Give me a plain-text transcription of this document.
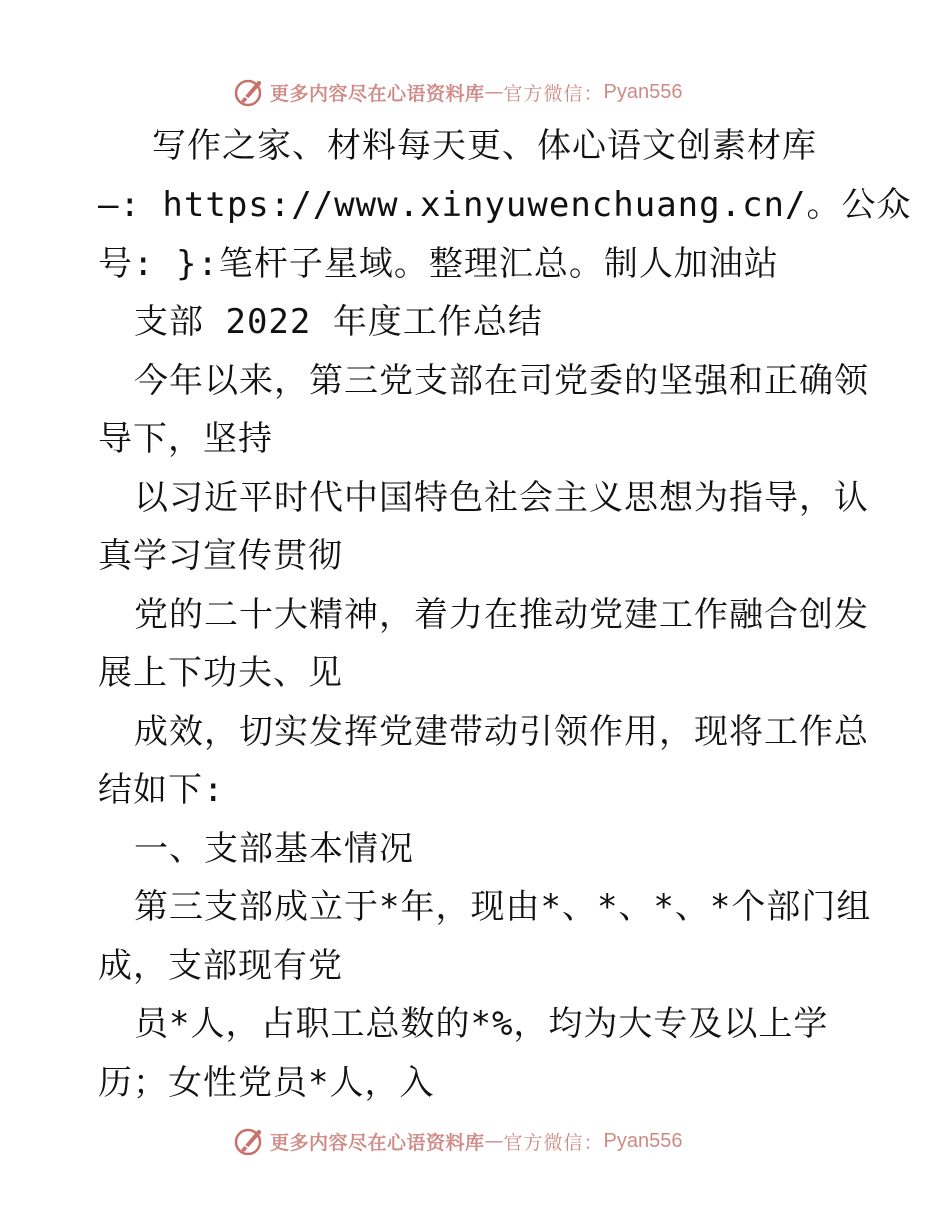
更多内容尽在心语资料库 — 官方微信： Pyan556
写作之家、材料每天更、体心语文创素材库
—: https://www.xinyuwenchuang.cn/。公众
号: }:笔杆子星域。整理汇总。制人加油站
支部 2022 年度工作总结
今年以来，第三党支部在司党委的坚强和正确领
导下，坚持
以习近平时代中国特色社会主义思想为指导，认
真学习宣传贯彻
党的二十大精神，着力在推动党建工作融合创发
展上下功夫、见
成效，切实发挥党建带动引领作用，现将工作总
结如下:
一、支部基本情况
第三支部成立于*年，现由*、*、*、*个部门组
成，支部现有党
员*人，占职工总数的*%，均为大专及以上学
历；女性党员*人，入
更多内容尽在心语资料库 — 官方微信： Pyan556
